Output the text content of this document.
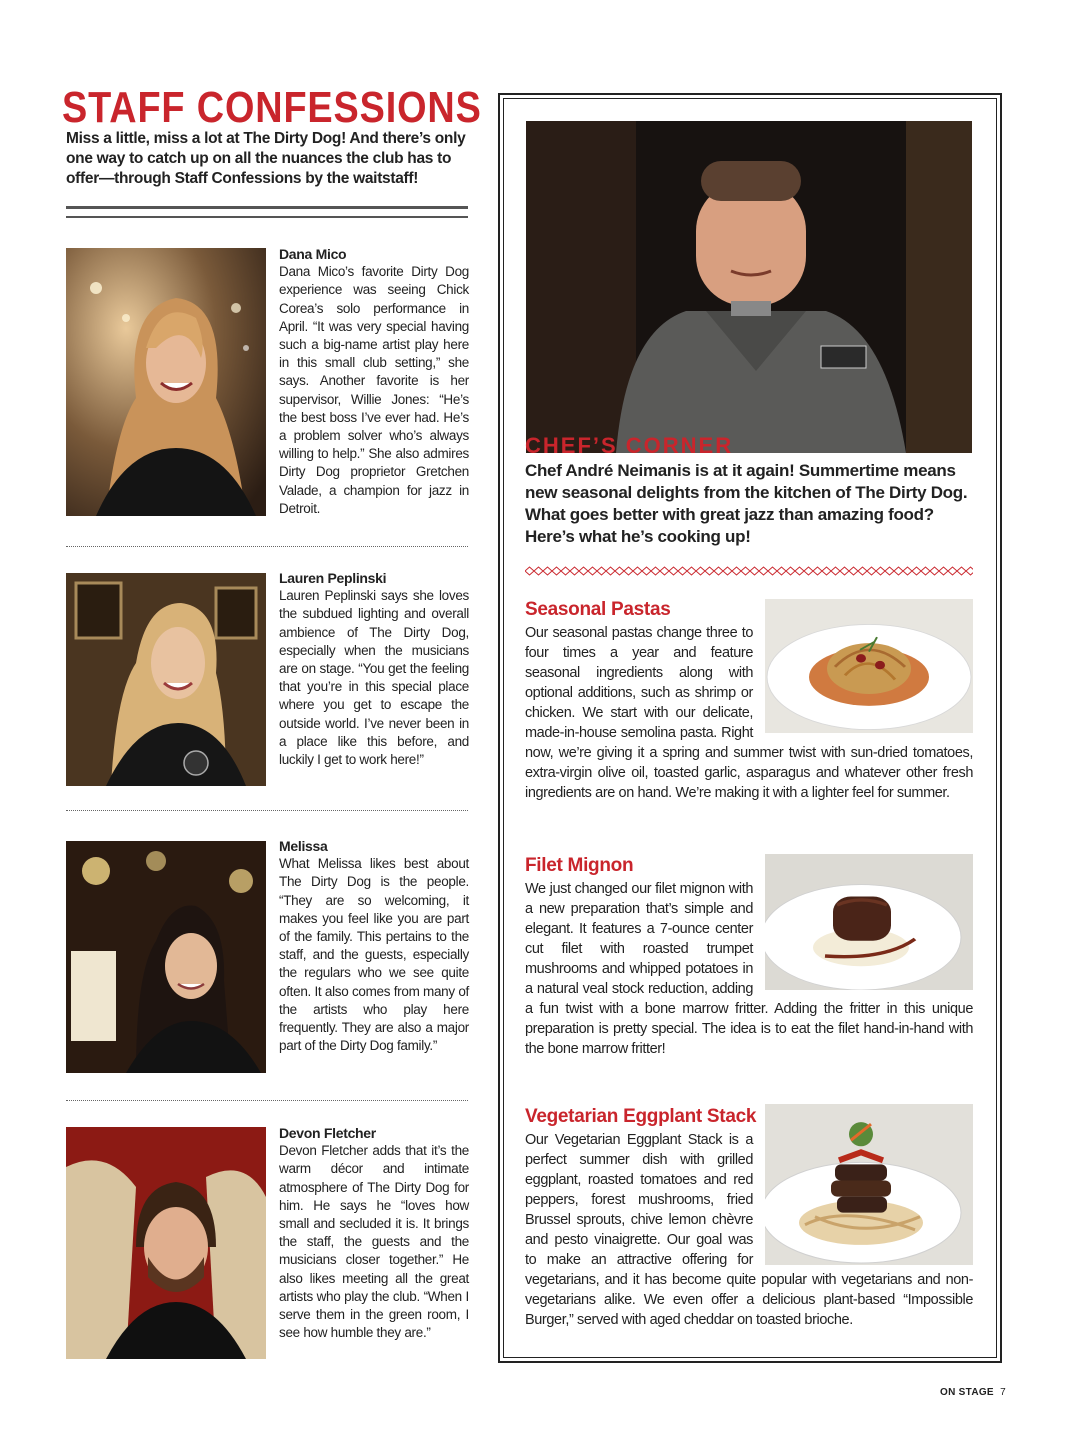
STAFF CONFESSIONS
Miss a little, miss a lot at The Dirty Dog! And there’s only one way to catch up on all the nuances the club has to offer—through Staff Confessions by the waitstaff!
Dana Mico
Dana Mico’s favorite Dirty Dog experience was seeing Chick Corea’s solo performance in April. “It was very special having such a big-name artist play here in this small club setting,” she says. Another favorite is her supervisor, Willie Jones: “He’s the best boss I’ve ever had. He’s a problem solver who’s always willing to help.” She also admires Dirty Dog proprietor Gretchen Valade, a champion for jazz in Detroit.
Lauren Peplinski
Lauren Peplinski says she loves the subdued lighting and overall ambience of The Dirty Dog, especially when the musicians are on stage. “You get the feeling that you’re in this special place where you get to escape the outside world. I’ve never been in a place like this before, and luckily I get to work here!”
Melissa
What Melissa likes best about The Dirty Dog is the people. “They are so welcoming, it makes you feel like you are part of the family. This pertains to the staff, and the guests, especially the regulars who we see quite often. It also comes from many of the artists who play here frequently. They are also a major part of the Dirty Dog family.”
Devon Fletcher
Devon Fletcher adds that it’s the warm décor and intimate atmosphere of The Dirty Dog for him. He says he “loves how small and secluded it is. It brings the staff, the guests and the musicians closer together.” He also likes meeting all the great artists who play the club. “When I serve them in the green room, I see how humble they are.”
CHEF’S CORNER
Chef André Neimanis is at it again! Summertime means new seasonal delights from the kitchen of The Dirty Dog. What goes better with great jazz than amazing food? Here’s what he’s cooking up!
Seasonal Pastas
Our seasonal pastas change three to four times a year and feature seasonal ingredients along with optional additions, such as shrimp or chicken. We start with our delicate, made-in-house semolina pasta. Right now, we’re giving it a spring and summer twist with sun-dried tomatoes, extra-virgin olive oil, toasted garlic, asparagus and whatever other fresh ingredients are on hand. We’re making it with a lighter feel for summer.
Filet Mignon
We just changed our filet mignon with a new preparation that’s simple and elegant. It features a 7-ounce center cut filet with roasted trumpet mushrooms and whipped potatoes in a natural veal stock reduction, adding a fun twist with a bone marrow fritter. Adding the fritter in this unique preparation is pretty special. The idea is to eat the filet hand-in-hand with the bone marrow fritter!
Vegetarian Eggplant Stack
Our Vegetarian Eggplant Stack is a perfect summer dish with grilled eggplant, roasted tomatoes and red peppers, forest mushrooms, fried Brussel sprouts, chive lemon chèvre and pesto vinaigrette. Our goal was to make an attractive offering for vegetarians, and it has become quite popular with vegetarians and non-vegetarians alike. We even offer a delicious plant-based “Impossible Burger,” served with aged cheddar on toasted brioche.
ON STAGE 7
